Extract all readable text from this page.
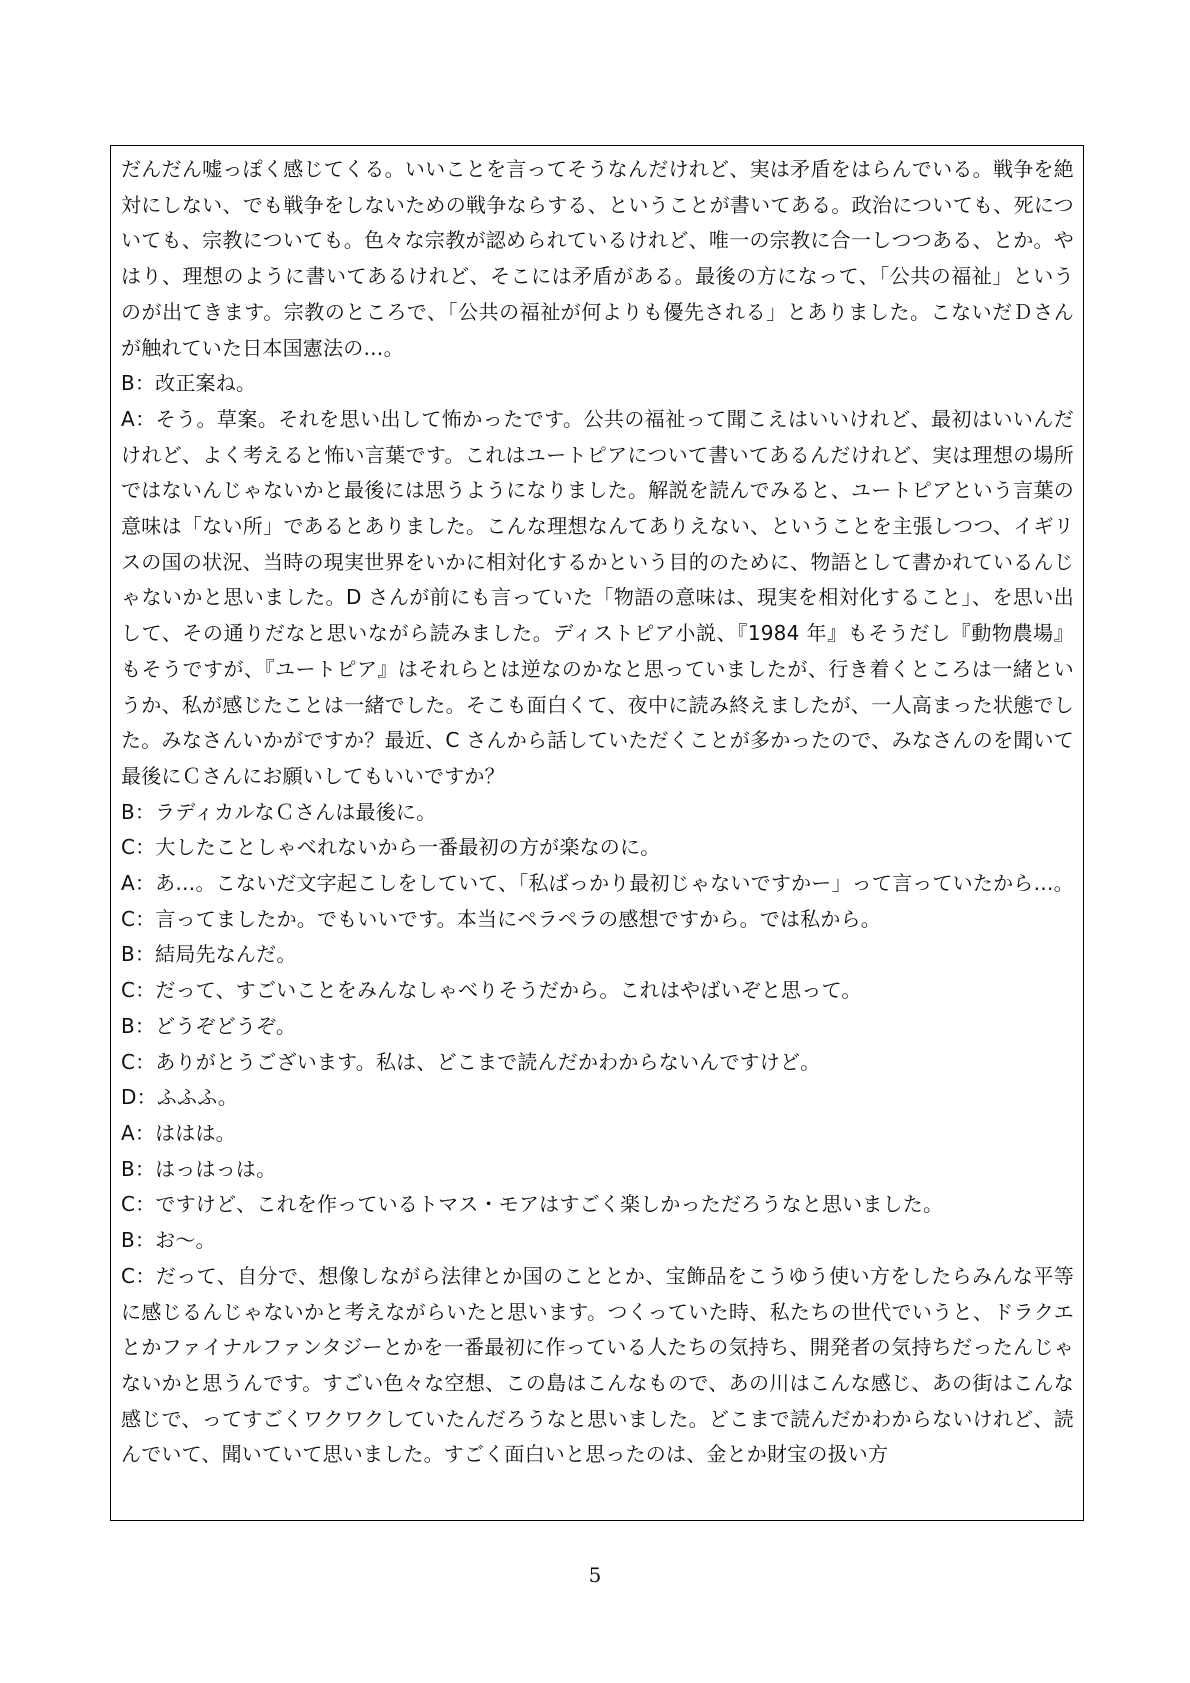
だんだん嘘っぽく感じてくる。いいことを言ってそうなんだけれど、実は矛盾をはらんでいる。戦争を絶対にしない、でも戦争をしないための戦争ならする、ということが書いてある。政治についても、死についても、宗教についても。色々な宗教が認められているけれど、唯一の宗教に合一しつつある、とか。やはり、理想のように書いてあるけれど、そこには矛盾がある。最後の方になって、「公共の福祉」というのが出てきます。宗教のところで、「公共の福祉が何よりも優先される」とありました。こないだＤさんが触れていた日本国憲法の…。

B：改正案ね。

A：そう。草案。それを思い出して怖かったです。公共の福祉って聞こえはいいけれど、最初はいいんだけれど、よく考えると怖い言葉です。これはユートピアについて書いてあるんだけれど、実は理想の場所ではないんじゃないかと最後には思うようになりました。解説を読んでみると、ユートピアという言葉の意味は「ない所」であるとありました。こんな理想なんてありえない、ということを主張しつつ、イギリスの国の状況、当時の現実世界をいかに相対化するかという目的のために、物語として書かれているんじゃないかと思いました。D さんが前にも言っていた「物語の意味は、現実を相対化すること」、を思い出して、その通りだなと思いながら読みました。ディストピア小説、『1984 年』もそうだし『動物農場』もそうですが、『ユートピア』はそれらとは逆なのかなと思っていましたが、行き着くところは一緒というか、私が感じたことは一緒でした。そこも面白くて、夜中に読み終えましたが、一人高まった状態でした。みなさんいかがですか？最近、C さんから話していただくことが多かったので、みなさんのを聞いて最後にＣさんにお願いしてもいいですか？

B：ラディカルなＣさんは最後に。

C：大したことしゃべれないから一番最初の方が楽なのに。

A：あ…。こないだ文字起こしをしていて、「私ばっかり最初じゃないですかー」って言っていたから…。

C：言ってましたか。でもいいです。本当にペラペラの感想ですから。では私から。

B：結局先なんだ。

C：だって、すごいことをみんなしゃべりそうだから。これはやばいぞと思って。

B：どうぞどうぞ。

C：ありがとうございます。私は、どこまで読んだかわからないんですけど。

D：ふふふ。

A：ははは。

B：はっはっは。

C：ですけど、これを作っているトマス・モアはすごく楽しかっただろうなと思いました。

B：お〜。

C：だって、自分で、想像しながら法律とか国のこととか、宝飾品をこうゆう使い方をしたらみんな平等に感じるんじゃないかと考えながらいたと思います。つくっていた時、私たちの世代でいうと、ドラクエとかファイナルファンタジーとかを一番最初に作っている人たちの気持ち、開発者の気持ちだったんじゃないかと思うんです。すごい色々な空想、この島はこんなもので、あの川はこんな感じ、あの街はこんな感じで、ってすごくワクワクしていたんだろうなと思いました。どこまで読んだかわからないけれど、読んでいて、聞いていて思いました。すごく面白いと思ったのは、金とか財宝の扱い方

5
